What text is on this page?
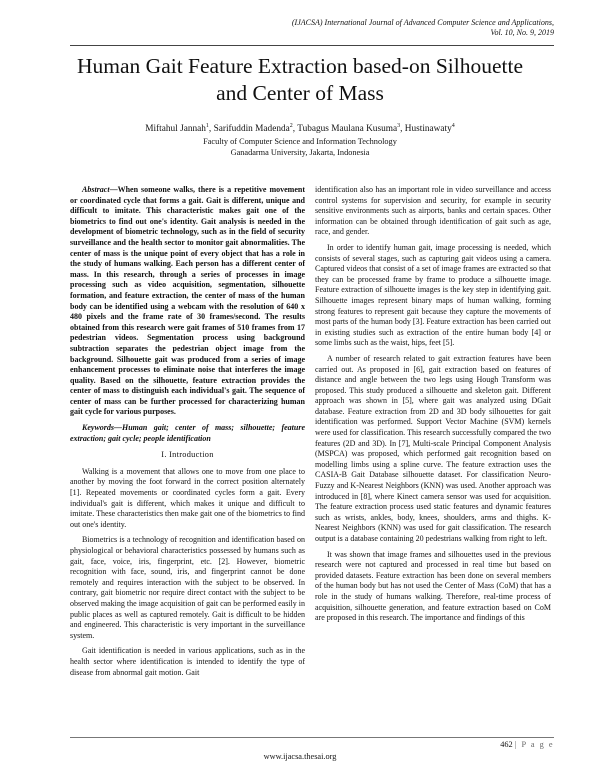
(IJACSA) International Journal of Advanced Computer Science and Applications,
Vol. 10, No. 9, 2019
Human Gait Feature Extraction based-on Silhouette and Center of Mass
Miftahul Jannah$^1$, Sarifuddin Madenda$^2$, Tubagus Maulana Kusuma$^3$, Hustinawaty$^4$
Faculty of Computer Science and Information Technology
Ganadarma University, Jakarta, Indonesia

Abstract—When someone walks, there is a repetitive movement or coordinated cycle that forms a gait. Gait is different, unique and difficult to imitate. This characteristic makes gait one of the biometrics to find out one's identity. Gait analysis is needed in the development of biometric technology, such as in the field of security surveillance and the health sector to monitor gait abnormalities. The center of mass is the unique point of every object that has a role in the study of humans walking. Each person has a different center of mass. In this research, through a series of processes in image processing such as video acquisition, segmentation, silhouette formation, and feature extraction, the center of mass of the human body can be identified using a webcam with the resolution of 640 x 480 pixels and the frame rate of 30 frames/second. The results obtained from this research were gait frames of 510 frames from 17 pedestrian videos. Segmentation process using background subtraction separates the pedestrian object image from the background. Silhouette gait was produced from a series of image enhancement processes to eliminate noise that interferes the image quality. Based on the silhouette, feature extraction provides the center of mass to distinguish each individual's gait. The sequence of center of mass can be further processed for characterizing human gait cycle for various purposes.

Keywords—Human gait; center of mass; silhouette; feature extraction; gait cycle; people identification

I. Introduction

Walking is a movement that allows one to move from one place to another by moving the foot forward in the correct position alternately [1]. Repeated movements or coordinated cycles form a gait. Every individual's gait is different, which makes it unique and difficult to imitate. These characteristics then make gait one of the biometrics to find out one's identity.

Biometrics is a technology of recognition and identification based on physiological or behavioral characteristics possessed by humans such as gait, face, voice, iris, fingerprint, etc. [2]. However, biometric recognition with face, sound, iris, and fingerprint cannot be done remotely and requires interaction with the subject to be observed. In contrary, gait biometric nor require direct contact with the subject to be observed making the image acquisition of gait can be performed easily in public places as well as captured remotely. Gait is difficult to be hidden and engineered. This characteristic is very important in the surveillance system.

Gait identification is needed in various applications, such as in the health sector where identification is intended to identify the type of disease from abnormal gait motion. Gait

identification also has an important role in video surveillance and access control systems for supervision and security, for example in security sensitive environments such as airports, banks and certain spaces. Other information can be obtained through identification of gait such as age, race, and gender.

In order to identify human gait, image processing is needed, which consists of several stages, such as capturing gait videos using a camera. Captured videos that consist of a set of image frames are extracted so that they can be processed frame by frame to produce a silhouette image. Feature extraction of silhouette images is the key step in identifying gait. Silhouette images represent binary maps of human walking, forming strong features to represent gait because they capture the movements of most parts of the human body [3]. Feature extraction has been carried out in existing studies such as extraction of the entire human body [4] or some limbs such as the waist, hips, feet [5].

A number of research related to gait extraction features have been carried out. As proposed in [6], gait extraction based on features of distance and angle between the two legs using Hough Transform was proposed. This study produced a silhouette and skeleton gait. Different approach was shown in [5], where gait was analyzed using DGait database. Feature extraction from 2D and 3D body silhouettes for gait identification was performed. Support Vector Machine (SVM) kernels were used for classification. This research successfully compared the two features (2D and 3D). In [7], Multi-scale Principal Component Analysis (MSPCA) was proposed, which performed gait recognition based on modelling limbs using a spline curve. The feature extraction uses the CASIA-B Gait Database silhouette dataset. For classification Neuro-Fuzzy and K-Nearest Neighbors (KNN) was used. Another approach was introduced in [8], where Kinect camera sensor was used for acquisition. The feature extraction process used static features and dynamic features such as wrists, ankles, body, knees, shoulders, arms and thighs. K-Nearest Neighbors (KNN) was used for gait classification. The research output is a database containing 20 pedestrians walking from right to left.

It was shown that image frames and silhouettes used in the previous research were not captured and processed in real time but based on provided datasets. Feature extraction has been done on several members of the human body but has not used the Center of Mass (CoM) that has a role in the study of humans walking. Therefore, real-time process of acquisition, silhouette generation, and feature extraction based on CoM are proposed in this research. The importance and findings of this

462 | P a g e
www.ijacsa.thesai.org
